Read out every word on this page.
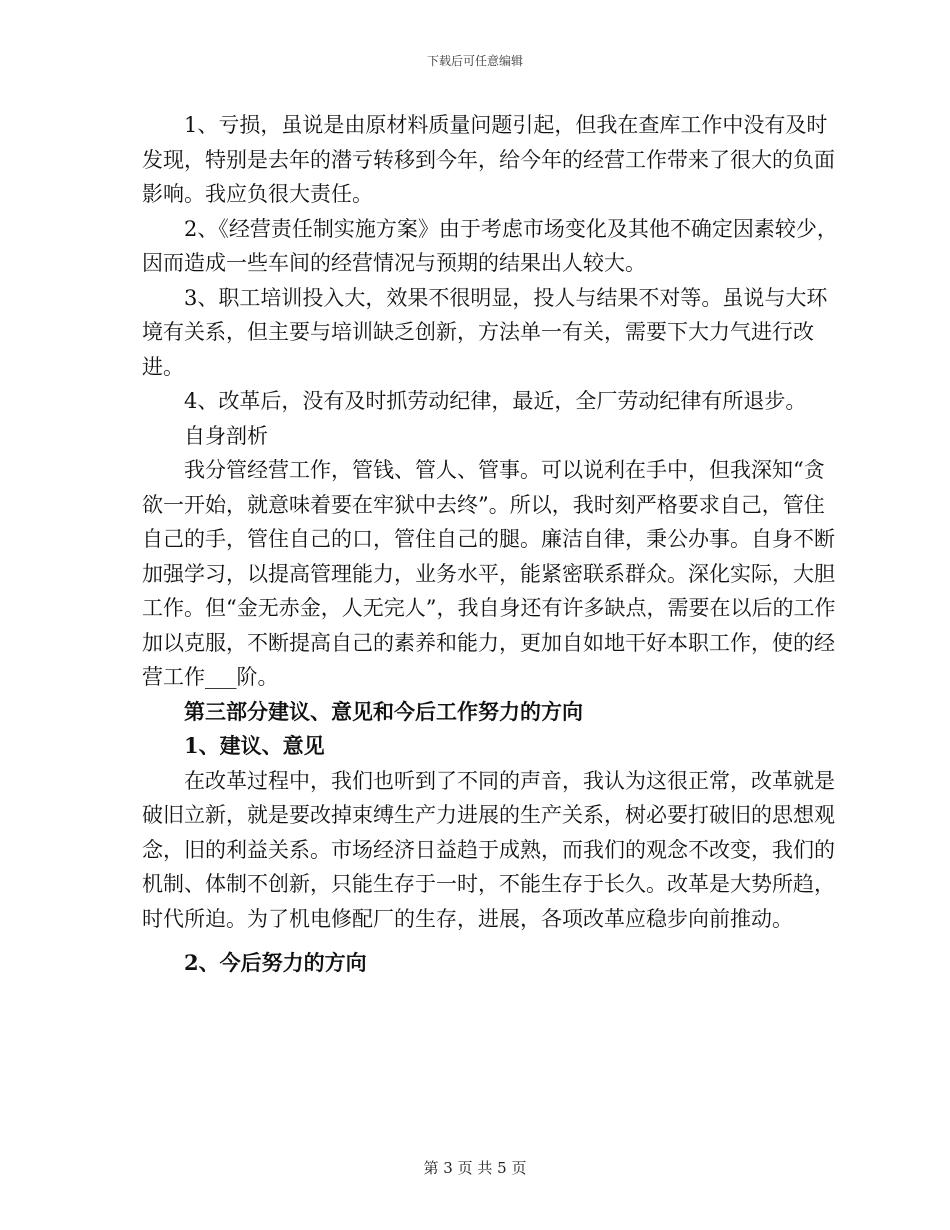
下载后可任意编辑

1、亏损，虽说是由原材料质量问题引起，但我在查库工作中没有及时发现，特别是去年的潜亏转移到今年，给今年的经营工作带来了很大的负面影响。我应负很大责任。

2、《经营责任制实施方案》由于考虑市场变化及其他不确定因素较少，因而造成一些车间的经营情况与预期的结果出人较大。

3、职工培训投入大，效果不很明显，投人与结果不对等。虽说与大环境有关系，但主要与培训缺乏创新，方法单一有关，需要下大力气进行改进。

4、改革后，没有及时抓劳动纪律，最近，全厂劳动纪律有所退步。

自身剖析

我分管经营工作，管钱、管人、管事。可以说利在手中，但我深知“贪欲一开始，就意味着要在牢狱中去终”。所以，我时刻严格要求自己，管住自己的手，管住自己的口，管住自己的腿。廉洁自律，秉公办事。自身不断加强学习，以提高管理能力，业务水平，能紧密联系群众。深化实际，大胆工作。但“金无赤金，人无完人”，我自身还有许多缺点，需要在以后的工作加以克服，不断提高自己的素养和能力，更加自如地干好本职工作，使的经营工作___阶。

第三部分建议、意见和今后工作努力的方向

1、建议、意见

在改革过程中，我们也听到了不同的声音，我认为这很正常，改革就是破旧立新，就是要改掉束缚生产力进展的生产关系，树必要打破旧的思想观念，旧的利益关系。市场经济日益趋于成熟，而我们的观念不改变，我们的机制、体制不创新，只能生存于一时，不能生存于长久。改革是大势所趋，时代所迫。为了机电修配厂的生存，进展，各项改革应稳步向前推动。

2、今后努力的方向

第 3 页 共 5 页
